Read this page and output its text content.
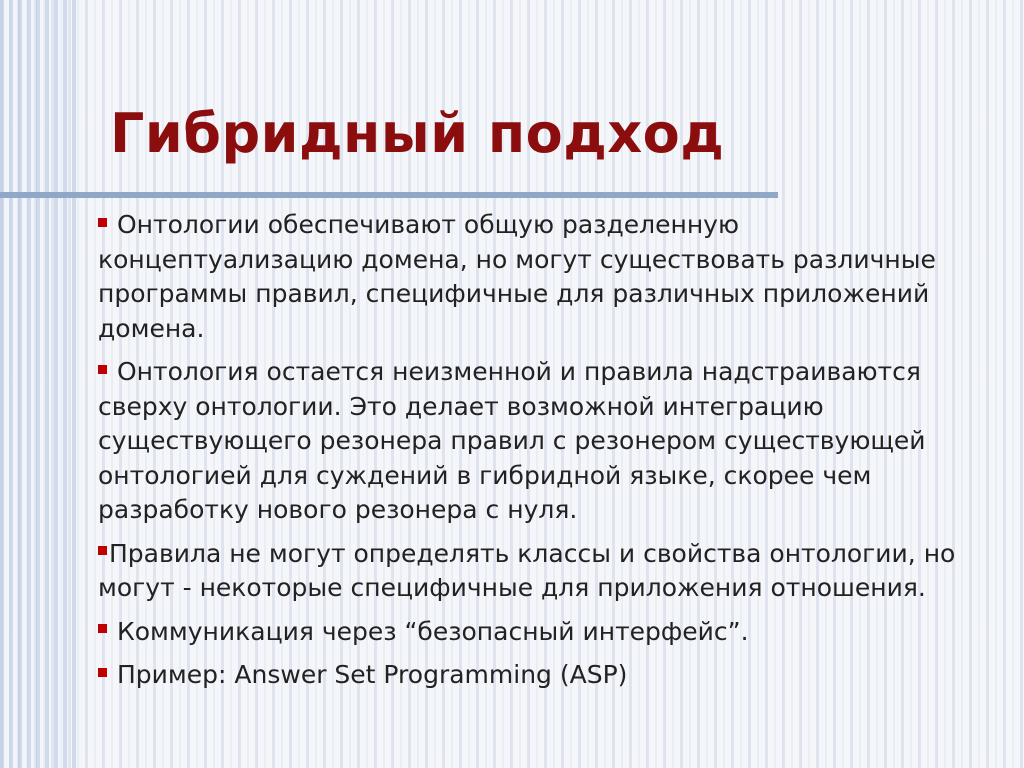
Гибридный подход
Онтологии обеспечивают общую разделенную концептуализацию домена, но могут существовать различные программы правил, специфичные для различных приложений домена.
Онтология остается неизменной и правила надстраиваются сверху онтологии. Это делает возможной интеграцию существующего резонера правил с резонером существующей онтологией для суждений в гибридной языке, скорее чем разработку нового резонера с нуля.
Правила не могут определять классы и свойства онтологии, но могут - некоторые специфичные для приложения отношения.
Коммуникация через “безопасный интерфейс”.
Пример: Answer Set Programming (ASP)
